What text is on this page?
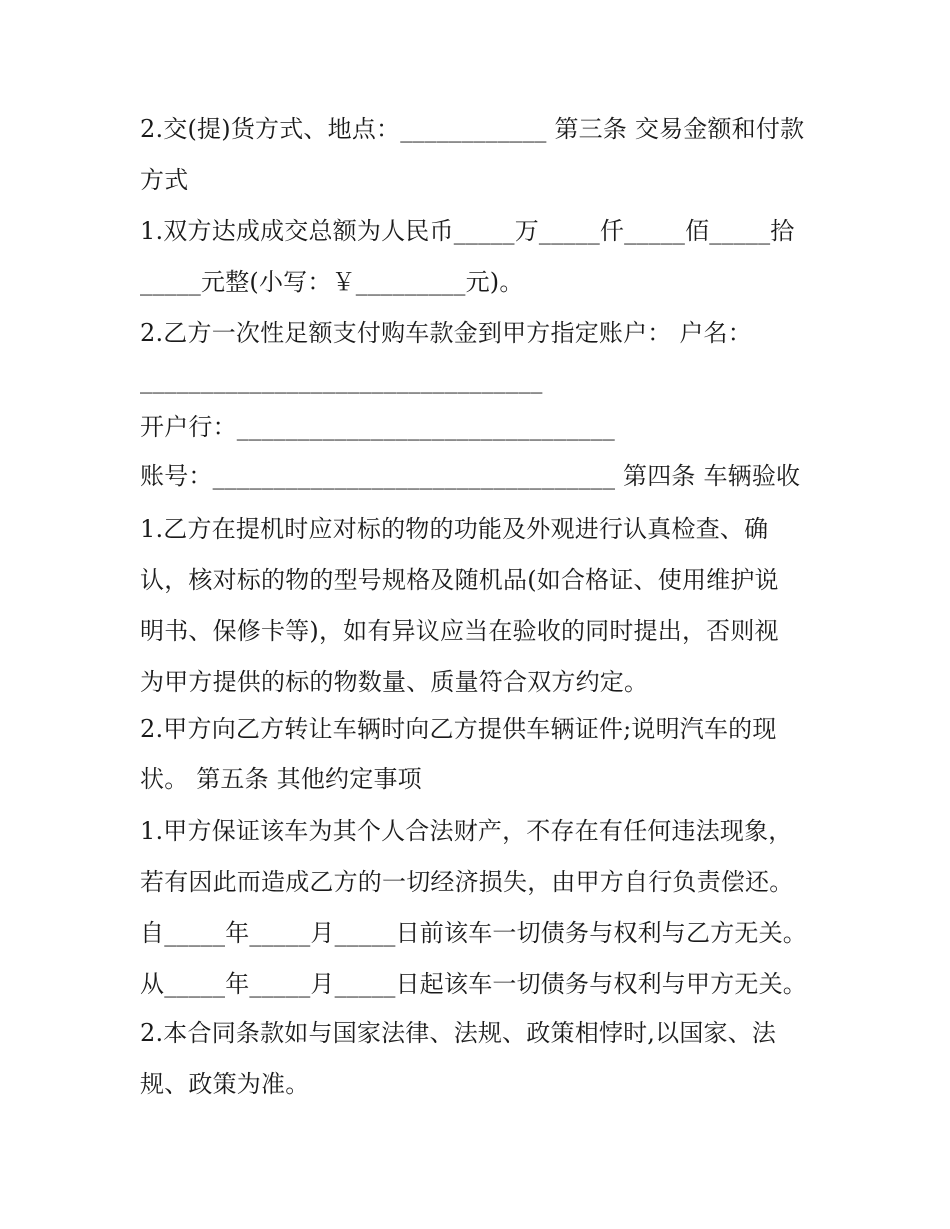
2.交(提)货方式、地点：____________ 第三条 交易金额和付款
方式
1.双方达成成交总额为人民币_____万_____仟_____佰_____拾
_____元整(小写：￥_________元)。
2.乙方一次性足额支付购车款金到甲方指定账户： 户名：
_________________________________
开户行：_______________________________
账号：_________________________________ 第四条 车辆验收
1.乙方在提机时应对标的物的功能及外观进行认真检查、确
认，核对标的物的型号规格及随机品(如合格证、使用维护说
明书、保修卡等)，如有异议应当在验收的同时提出，否则视
为甲方提供的标的物数量、质量符合双方约定。
2.甲方向乙方转让车辆时向乙方提供车辆证件;说明汽车的现
状。 第五条 其他约定事项
1.甲方保证该车为其个人合法财产，不存在有任何违法现象，
若有因此而造成乙方的一切经济损失，由甲方自行负责偿还。
自_____年_____月_____日前该车一切债务与权利与乙方无关。
从_____年_____月_____日起该车一切债务与权利与甲方无关。
2.本合同条款如与国家法律、法规、政策相悖时,以国家、法
规、政策为准。
